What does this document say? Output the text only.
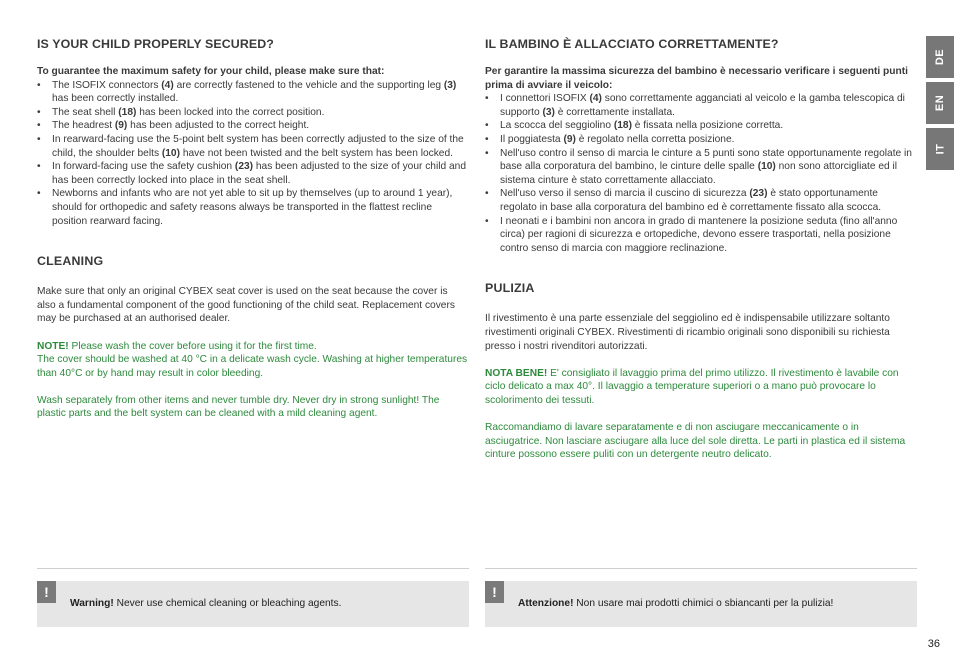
IS YOUR CHILD PROPERLY SECURED?

To guarantee the maximum safety for your child, please make sure that:

• The ISOFIX connectors (4) are correctly fastened to the vehicle and the supporting leg (3) has been correctly installed.
• The seat shell (18) has been locked into the correct position.
• The headrest (9) has been adjusted to the correct height.
• In rearward-facing use the 5-point belt system has been correctly adjusted to the size of the child, the shoulder belts (10) have not been twisted and the belt system has been locked.
• In forward-facing use the safety cushion (23) has been adjusted to the size of your child and has been correctly locked into place in the seat shell.
• Newborns and infants who are not yet able to sit up by themselves (up to around 1 year), should for orthopedic and safety reasons always be transported in the flattest recline position rearward facing.
CLEANING

Make sure that only an original CYBEX seat cover is used on the seat because the cover is also a fundamental component of the good functioning of the child seat. Replacement covers may be purchased at an authorised dealer.

NOTE! Please wash the cover before using it for the first time.
The cover should be washed at 40 °C in a delicate wash cycle. Washing at higher temperatures than 40°C or by hand may result in color bleeding.

Wash separately from other items and never tumble dry. Never dry in strong sunlight! The plastic parts and the belt system can be cleaned with a mild cleaning agent.

IL BAMBINO È ALLACCIATO CORRETTAMENTE?

Per garantire la massima sicurezza del bambino è necessario verificare i seguenti punti prima di avviare il veicolo:

• I connettori ISOFIX (4) sono correttamente agganciati al veicolo e la gamba telescopica di supporto (3) è correttamente installata.
• La scocca del seggiolino (18) è fissata nella posizione corretta.
• Il poggiatesta (9) è regolato nella corretta posizione.
• Nell'uso contro il senso di marcia le cinture a 5 punti sono state opportunamente regolate in base alla corporatura del bambino, le cinture delle spalle (10) non sono attorcigliate ed il sistema cinture è stato correttamente allacciato.
• Nell'uso verso il senso di marcia il cuscino di sicurezza (23) è stato opportunamente regolato in base alla corporatura del bambino ed è correttamente fissato alla scocca.
• I neonati e i bambini non ancora in grado di mantenere la posizione seduta (fino all'anno circa) per ragioni di sicurezza e ortopediche, devono essere trasportati, nella posizione contro senso di marcia con maggiore reclinazione.
PULIZIA

Il rivestimento è una parte essenziale del seggiolino ed è indispensabile utilizzare soltanto rivestimenti originali CYBEX. Rivestimenti di ricambio originali sono disponibili su richiesta presso i nostri rivenditori autorizzati.

NOTA BENE! E' consigliato il lavaggio prima del primo utilizzo. Il rivestimento è lavabile con ciclo delicato a max 40°. Il lavaggio a temperature superiori o a mano può provocare lo scolorimento dei tessuti.

Raccomandiamo di lavare separatamente e di non asciugare meccanicamente o in asciugatrice. Non lasciare asciugare alla luce del sole diretta. Le parti in plastica ed il sistema cinture possono essere puliti con un detergente neutro delicato.

!
Warning! Never use chemical cleaning or bleaching agents.
!
Attenzione! Non usare mai prodotti chimici o sbiancanti per la pulizia!
DE
EN
IT
36
